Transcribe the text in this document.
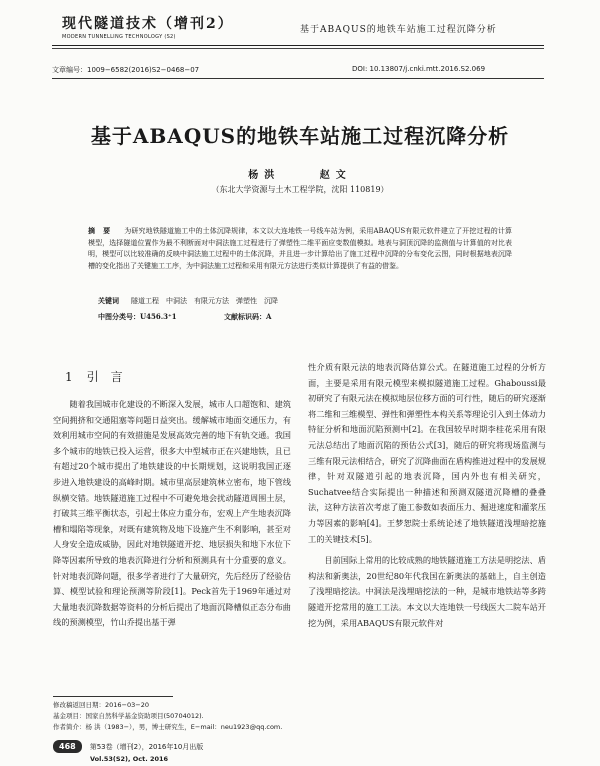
现代隧道技术（增刊2）
MODERN TUNNELLING TECHNOLOGY (S2)
基于ABAQUS的地铁车站施工过程沉降分析
文章编号：1009−6582(2016)S2−0468−07	DOI: 10.13807/j.cnki.mtt.2016.S2.069
基于ABAQUS的地铁车站施工过程沉降分析
杨洪	赵文
（东北大学资源与土木工程学院，沈阳 110819）
摘要 为研究地铁隧道施工中的土体沉降规律，本文以大连地铁一号线车站为例，采用ABAQUS有限元软件建立了开挖过程的计算模型，选择隧道位置作为最不利断面对中洞法施工过程进行了弹塑性二维平面应变数值模拟。地表与洞顶沉降的监测值与计算值的对比表明，模型可以比较准确的反映中洞法施工过程中的土体沉降，并且进一步计算给出了施工过程中沉降的分布变化云图，同时根据地表沉降槽的变化指出了关键施工工序，为中洞法施工过程和采用有限元方法进行类似计算提供了有益的借鉴。
关键词 隧道工程　中洞法　有限元方法　弹塑性　沉降
中图分类号：U456.3⁺1	文献标识码：A
1 引　言

随着我国城市化建设的不断深入发展，城市人口超饱和、建筑空间拥挤和交通阻塞等问题日益突出。缓解城市地面交通压力，有效利用城市空间的有效措施是发展高效完善的地下有轨交通。我国多个城市的地铁已投入运营，很多大中型城市正在兴建地铁，且已有超过20个城市提出了地铁建设的中长期规划，这说明我国正逐步进入地铁建设的高峰时期。城市里高层建筑林立密布，地下管线纵横交错。地铁隧道施工过程中不可避免地会扰动隧道周围土层，打破其三维平衡状态，引起土体应力重分布，宏观上产生地表沉降槽和塌陷等现象，对既有建筑物及地下设施产生不利影响，甚至对人身安全造成威胁，因此对地铁隧道开挖、地层损失和地下水位下降等因素所导致的地表沉降进行分析和预测具有十分重要的意义。针对地表沉降问题，很多学者进行了大量研究，先后经历了经验估算、模型试验和理论预测等阶段[1]。Peck首先于1969年通过对大量地表沉降数据等资料的分析后提出了地面沉降槽似正态分布曲线的预测模型，竹山乔提出基于弹

性介质有限元法的地表沉降估算公式。在隧道施工过程的分析方面，主要是采用有限元模型来模拟隧道施工过程。Ghaboussi最初研究了有限元法在模拟地层位移方面的可行性，随后的研究逐渐将二维和三维模型、弹性和弹塑性本构关系等理论引入到土体动力特征分析和地面沉陷预测中[2]。在我国较早时期李桂花采用有限元法总结出了地面沉陷的预估公式[3]，随后的研究将现场监测与三维有限元法相结合，研究了沉降曲面在盾构推进过程中的发展规律，针对双隧道引起的地表沉降，国内外也有相关研究，Suchatvee结合实际提出一种描述和预测双隧道沉降槽的叠叠法，这种方法首次考虑了施工参数如表面压力、掘进速度和灌浆压力等因素的影响[4]。王梦恕院士系统论述了地铁隧道浅埋暗挖施工的关键技术[5]。

目前国际上常用的比较成熟的地铁隧道施工方法是明挖法、盾构法和新奥法，20世纪80年代我国在新奥法的基础上，自主创造了浅埋暗挖法。中洞法是浅埋暗挖法的一种，是城市地铁站等多跨隧道开挖常用的施工工法。本文以大连地铁一号线医大二院车站开挖为例，采用ABAQUS有限元软件对

修改稿返回日期：2016−03−20
基金项目：国家自然科学基金资助项目(50704012).
作者简介：杨 洪（1983−），男，博士研究生，E−mail：neu1923@qq.com.
468	第53卷（增刊2），2016年10月出版
Vol.53(S2), Oct. 2016
